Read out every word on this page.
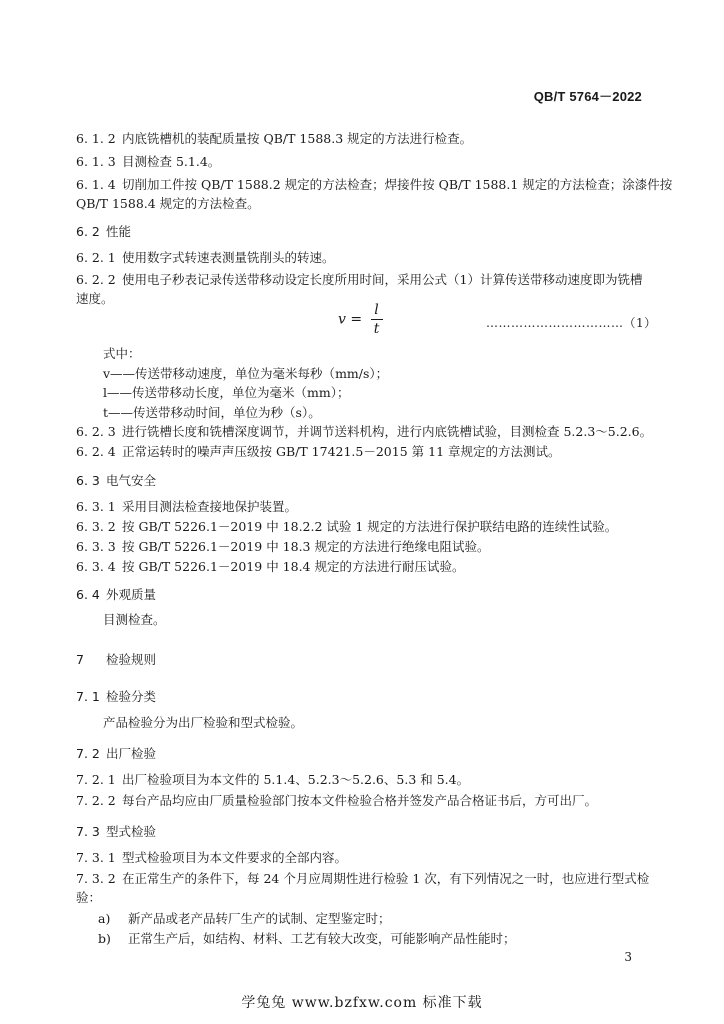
QB/T 5764－2022
6. 1. 2 内底铣槽机的装配质量按 QB/T 1588.3 规定的方法进行检查。
6. 1. 3 目测检查 5.1.4。
6. 1. 4 切削加工件按 QB/T 1588.2 规定的方法检查；焊接件按 QB/T 1588.1 规定的方法检查；涂漆件按
QB/T 1588.4 规定的方法检查。
6. 2 性能
6. 2. 1 使用数字式转速表测量铣削头的转速。
6. 2. 2 使用电子秒表记录传送带移动设定长度所用时间，采用公式（1）计算传送带移动速度即为铣槽
速度。
式中：
v——传送带移动速度，单位为毫米每秒（mm/s）；
l——传送带移动长度，单位为毫米（mm）；
t——传送带移动时间，单位为秒（s）。
6. 2. 3 进行铣槽长度和铣槽深度调节，并调节送料机构，进行内底铣槽试验，目测检查 5.2.3～5.2.6。
6. 2. 4 正常运转时的噪声声压级按 GB/T 17421.5－2015 第 11 章规定的方法测试。
6. 3 电气安全
6. 3. 1 采用目测法检查接地保护装置。
6. 3. 2 按 GB/T 5226.1－2019 中 18.2.2 试验 1 规定的方法进行保护联结电路的连续性试验。
6. 3. 3 按 GB/T 5226.1－2019 中 18.3 规定的方法进行绝缘电阻试验。
6. 3. 4 按 GB/T 5226.1－2019 中 18.4 规定的方法进行耐压试验。
6. 4 外观质量
目测检查。
7 检验规则
7. 1 检验分类
产品检验分为出厂检验和型式检验。
7. 2 出厂检验
7. 2. 1 出厂检验项目为本文件的 5.1.4、5.2.3～5.2.6、5.3 和 5.4。
7. 2. 2 每台产品均应由厂质量检验部门按本文件检验合格并签发产品合格证书后，方可出厂。
7. 3 型式检验
7. 3. 1 型式检验项目为本文件要求的全部内容。
7. 3. 2 在正常生产的条件下，每 24 个月应周期性进行检验 1 次，有下列情况之一时，也应进行型式检
验：
a) 新产品或老产品转厂生产的试制、定型鉴定时；
b) 正常生产后，如结构、材料、工艺有较大改变，可能影响产品性能时；
$v = \frac{l}{t}$	……………………………（1）
3
学兔兔 www.bzfxw.com 标准下载
